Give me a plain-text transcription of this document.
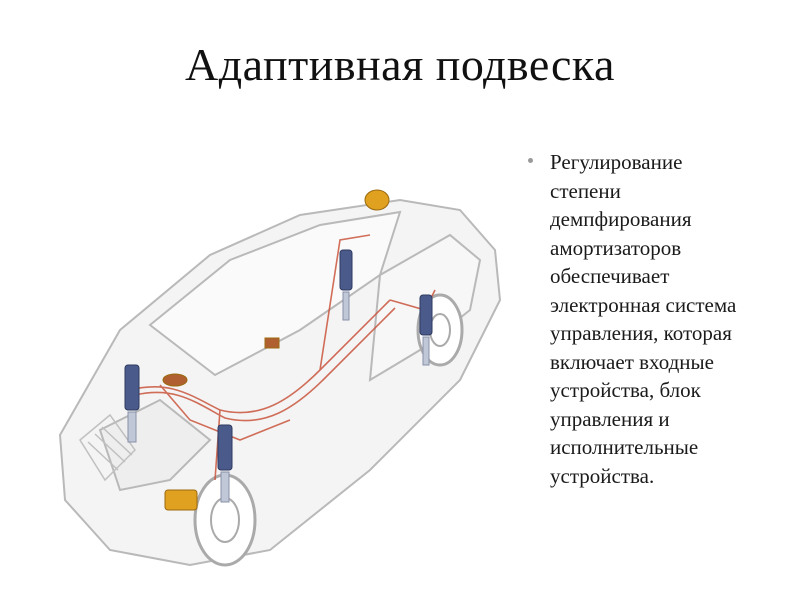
Адаптивная подвеска
Регулирование
степени
демпфирования
амортизаторов
обеспечивает
электронная система
управления, которая
включает входные
устройства, блок
управления и
исполнительные
устройства.
